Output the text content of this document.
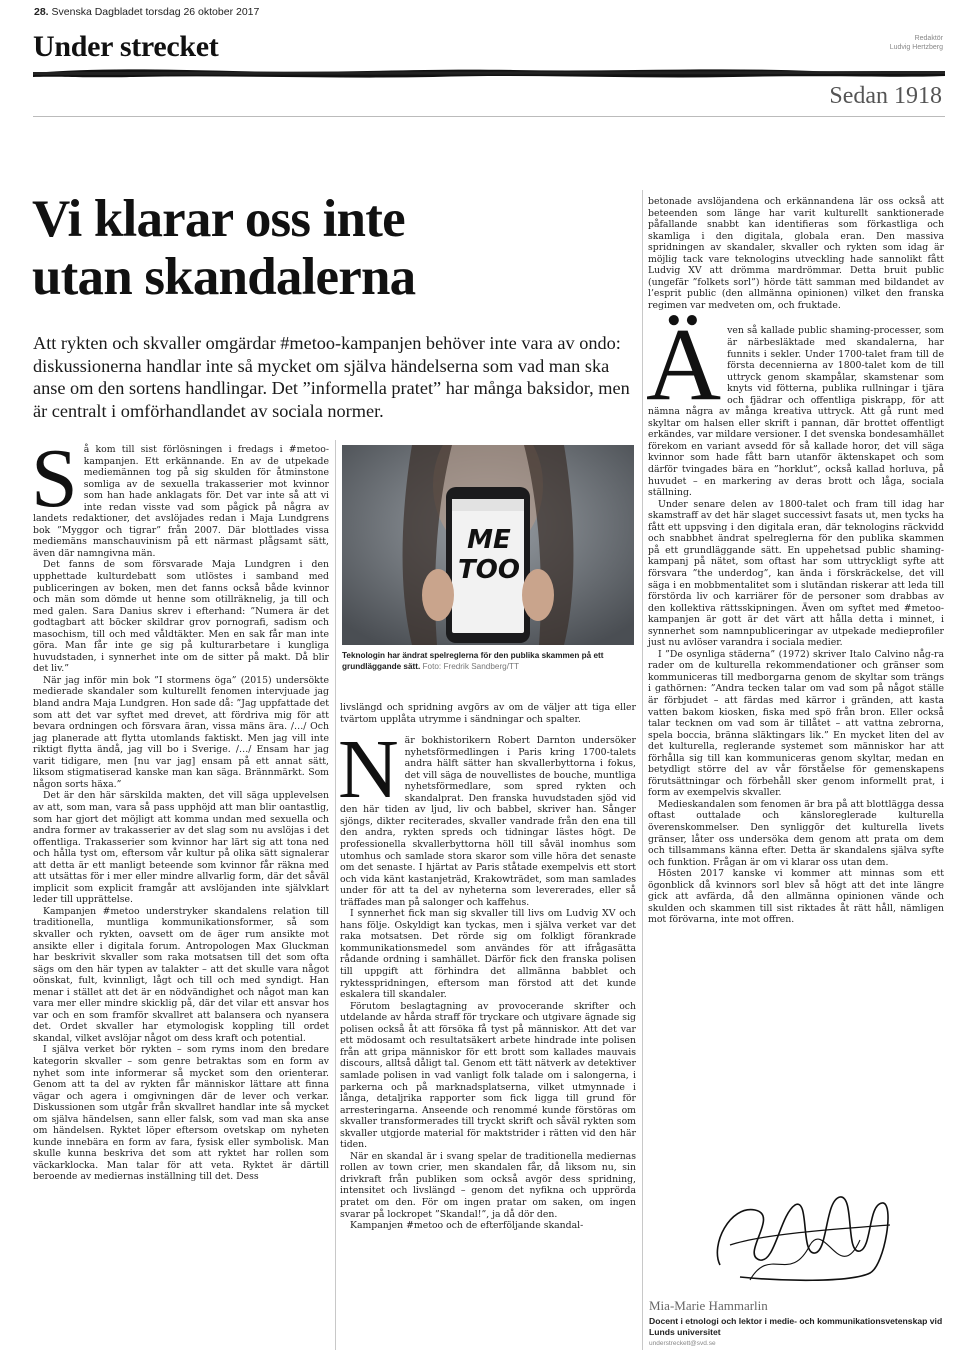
28. Svenska Dagbladet torsdag 26 oktober 2017
Under strecket	Redaktör
Ludvig Hertzberg
Sedan 1918
Vi klarar oss inte
utan skandalerna

Att rykten och skvaller omgärdar #metoo-kampanjen behöver inte vara av ondo: diskussionerna handlar inte så mycket om själva händelserna som vad man ska anse om den sortens handlingar. Det ”informella pratet” har många baksidor, men är centralt i omförhandlandet av sociala normer.

Så kom till sist förlösningen i fredags i #metoo-kampanjen. Ett erkännande. En av de utpekade mediemännen tog på sig skulden för åtminstone somliga av de sexuella trakasserier mot kvinnor som han hade anklagats för. Det var inte så att vi inte redan visste vad som pågick på några av landets redaktioner, det avslöjades redan i Maja Lundgrens bok ”Myggor och tigrar” från 2007. Där blottlades vissa mediemäns manschauvinism på ett närmast plågsamt sätt, även där namngivna män.

Det fanns de som försvarade Maja Lundgren i den upphettade kulturdebatt som utlöstes i samband med publiceringen av boken, men det fanns också både kvinnor och män som dömde ut henne som otillräknelig, ja till och med galen. Sara Danius skrev i efterhand: ”Numera är det godtagbart att böcker skildrar grov pornografi, sadism och masochism, till och med våldtäkter. Men en sak får man inte göra. Man får inte ge sig på kulturarbetare i kungliga huvudstaden, i synnerhet inte om de sitter på makt. Då blir det liv.”

När jag inför min bok ”I stormens öga” (2015) undersökte medierade skandaler som kulturellt fenomen intervjuade jag bland andra Maja Lundgren. Hon sade då: ”Jag uppfattade det som att det var syftet med drevet, att fördriva mig för att bevara ordningen och försvara äran, vissa mäns ära. /…/ Och jag planerade att flytta utomlands faktiskt. Men jag vill inte riktigt flytta ändå, jag vill bo i Sverige. /…/ Ensam har jag varit tidigare, men [nu var jag] ensam på ett annat sätt, liksom stigmatiserad kanske man kan säga. Brännmärkt. Som någon sorts häxa.”

Det är den här särskilda makten, det vill säga upplevelsen av att, som man, vara så pass upphöjd att man blir oantastlig, som har gjort det möjligt att komma undan med sexuella och andra former av trakasserier av det slag som nu avslöjas i det offentliga. Trakasserier som kvinnor har lärt sig att tona ned och hålla tyst om, eftersom vår kultur på olika sätt signalerar att detta är ett manligt beteende som kvinnor får räkna med att utsättas för i mer eller mindre allvarlig form, där det såväl implicit som explicit framgår att avslöjanden inte självklart leder till upprättelse.

Kampanjen #metoo understryker skandalens relation till traditionella, muntliga kommunikationsformer, så som skvaller och rykten, oavsett om de äger rum ansikte mot ansikte eller i digitala forum. Antropologen Max Gluckman har beskrivit skvaller som raka motsatsen till det som ofta sägs om den här typen av talakter – att det skulle vara något oönskat, fult, kvinnligt, lågt och till och med syndigt. Han menar i stället att det är en nödvändighet och något man kan vara mer eller mindre skicklig på, där det vilar ett ansvar hos var och en som framför skvallret att balansera och nyansera det. Ordet skvaller har etymologisk koppling till ordet skandal, vilket avslöjar något om dess kraft och potential.

I själva verket bör rykten – som ryms inom den bredare kategorin skvaller – som genre betraktas som en form av nyhet som inte informerar så mycket som den orienterar. Genom att ta del av rykten får människor lättare att finna vägar och agera i omgivningen där de lever och verkar. Diskussionen som utgår från skvallret handlar inte så mycket om själva händelsen, sann eller falsk, som vad man ska anse om händelsen. Ryktet löper eftersom ovetskap om nyheten kunde innebära en form av fara, fysisk eller symbolisk. Man skulle kunna beskriva det som att ryktet har rollen som väckarklocka. Man talar för att veta. Ryktet är därtill beroende av mediernas inställning till det. Dess

ME
TOO
Teknologin har ändrat spelreglerna för den publika skammen på ett grundläggande sätt. Foto: Fredrik Sandberg/TT

livslängd och spridning avgörs av om de väljer att tiga eller tvärtom upplåta utrymme i sändningar och spalter.

När bokhistorikern Robert Darnton undersöker nyhetsförmedlingen i Paris kring 1700-talets andra hälft sätter han skvallerbyttorna i fokus, det vill säga de nouvellistes de bouche, muntliga nyhetsförmedlare, som spred rykten och skandalprat. Den franska huvudstaden sjöd vid den här tiden av ljud, liv och babbel, skriver han. Sånger sjöngs, dikter reciterades, skvaller vandrade från den ena till den andra, rykten spreds och tidningar lästes högt. De professionella skvallerbyttorna höll till såväl inomhus som utomhus och samlade stora skaror som ville höra det senaste om det senaste. I hjärtat av Paris ståtade exempelvis ett stort och vida känt kastanjeträd, Krakowträdet, som man samlades under för att ta del av nyheterna som levererades, eller så träffades man på salonger och kaffehus.

I synnerhet fick man sig skvaller till livs om Ludvig XV och hans följe. Oskyldigt kan tyckas, men i själva verket var det raka motsatsen. Det rörde sig om folkligt förankrade kommunikationsmedel som användes för att ifrågasätta rådande ordning i samhället. Därför fick den franska polisen till uppgift att förhindra det allmänna babblet och ryktesspridningen, eftersom man förstod att det kunde eskalera till skandaler.

Förutom beslagtagning av provocerande skrifter och utdelande av hårda straff för tryckare och utgivare ägnade sig polisen också åt att försöka få tyst på människor. Att det var ett mödosamt och resultatsäkert arbete hindrade inte polisen från att gripa människor för ett brott som kallades mauvais discours, alltså dåligt tal. Genom ett tätt nätverk av detektiver samlade polisen in vad vanligt folk talade om i salongerna, i parkerna och på marknadsplatserna, vilket utmynnade i långa, detaljrika rapporter som fick ligga till grund för arresteringarna. Anseende och renommé kunde förstöras om skvaller transformerades till tryckt skrift och såväl rykten som skvaller utgjorde material för maktstrider i rätten vid den här tiden.

När en skandal är i svang spelar de traditionella mediernas rollen av town crier, men skandalen får, då liksom nu, sin drivkraft från publiken som också avgör dess spridning, intensitet och livslängd – genom det nyfikna och upprörda pratet om den. För om ingen pratar om saken, om ingen svarar på lockropet ”Skandal!”, ja då dör den.

Kampanjen #metoo och de efterföljande skandal-

betonade avslöjandena och erkännandena lär oss också att beteenden som länge har varit kulturellt sanktionerade påfallande snabbt kan identifieras som förkastliga och skamliga i den digitala, globala eran. Den massiva spridningen av skandaler, skvaller och rykten som idag är möjlig tack vare teknologins utveckling hade sannolikt fått Ludvig XV att drömma mardrömmar. Detta bruit public (ungefär ”folkets sorl”) hörde tätt samman med bildandet av l’esprit public (den allmänna opinionen) vilket den franska regimen var medveten om, och fruktade.

Även så kallade public shaming-processer, som är närbesläktade med skandalerna, har funnits i sekler. Under 1700-talet fram till de första decennierna av 1800-talet kom de till uttryck genom skampålar, skamstenar som knyts vid fötterna, publika rullningar i tjära och fjädrar och offentliga piskrapp, för att nämna några av många kreativa uttryck. Att gå runt med skyltar om halsen eller skrift i pannan, där brottet offentligt erkändes, var mildare versioner. I det svenska bondesamhället förekom en variant avsedd för så kallade horor, det vill säga kvinnor som hade fått barn utanför äktenskapet och som därför tvingades bära en ”horklut”, också kallad horluva, på huvudet – en markering av deras brott och låga, sociala ställning.

Under senare delen av 1800-talet och fram till idag har skamstraff av det här slaget successivt fasats ut, men tycks ha fått ett uppsving i den digitala eran, där teknologins räckvidd och snabbhet ändrat spelreglerna för den publika skammen på ett grundläggande sätt. En uppehetsad public shaming-kampanj på nätet, som oftast har som uttryckligt syfte att försvara ”the underdog”, kan ända i förskräckelse, det vill säga i en mobbmentalitet som i slutändan riskerar att leda till förstörda liv och karriärer för de personer som drabbas av den kollektiva rättsskipningen. Även om syftet med #metoo-kampanjen är gott är det värt att hålla detta i minnet, i synnerhet som namnpubliceringar av utpekade medieprofiler just nu avlöser varandra i sociala medier.

I ”De osynliga städerna” (1972) skriver Italo Calvino någ-ra rader om de kulturella rekommendationer och gränser som kommuniceras till medborgarna genom de skyltar som trängs i gathörnen: ”Andra tecken talar om vad som på något ställe är förbjudet – att färdas med kärror i gränden, att kasta vatten bakom kiosken, fiska med spö från bron. Eller också talar tecknen om vad som är tillåtet – att vattna zebrorna, spela boccia, bränna släktingars lik.” En mycket liten del av det kulturella, reglerande systemet som människor har att förhålla sig till kan kommuniceras genom skyltar, medan en betydligt större del av vår förståelse för gemenskapens förutsättningar och förbehåll sker genom informellt prat, i form av exempelvis skvaller.

Medieskandalen som fenomen är bra på att blottlägga dessa oftast outtalade och känsloreglerade kulturella överenskommelser. Den synliggör det kulturella livets gränser, låter oss undersöka dem genom att prata om dem och tillsammans känna efter. Detta är skandalens själva syfte och funktion. Frågan är om vi klarar oss utan dem.

Hösten 2017 kanske vi kommer att minnas som ett ögonblick då kvinnors sorl blev så högt att det inte längre gick att avfärda, då den allmänna opinionen vände och skulden och skammen till sist riktades åt rätt håll, nämligen mot förövarna, inte mot offren.

Mia-Marie Hammarlin
Docent i etnologi och lektor i medie- och kommunikationsvetenskap vid Lunds universitet
understreckett@svd.se
